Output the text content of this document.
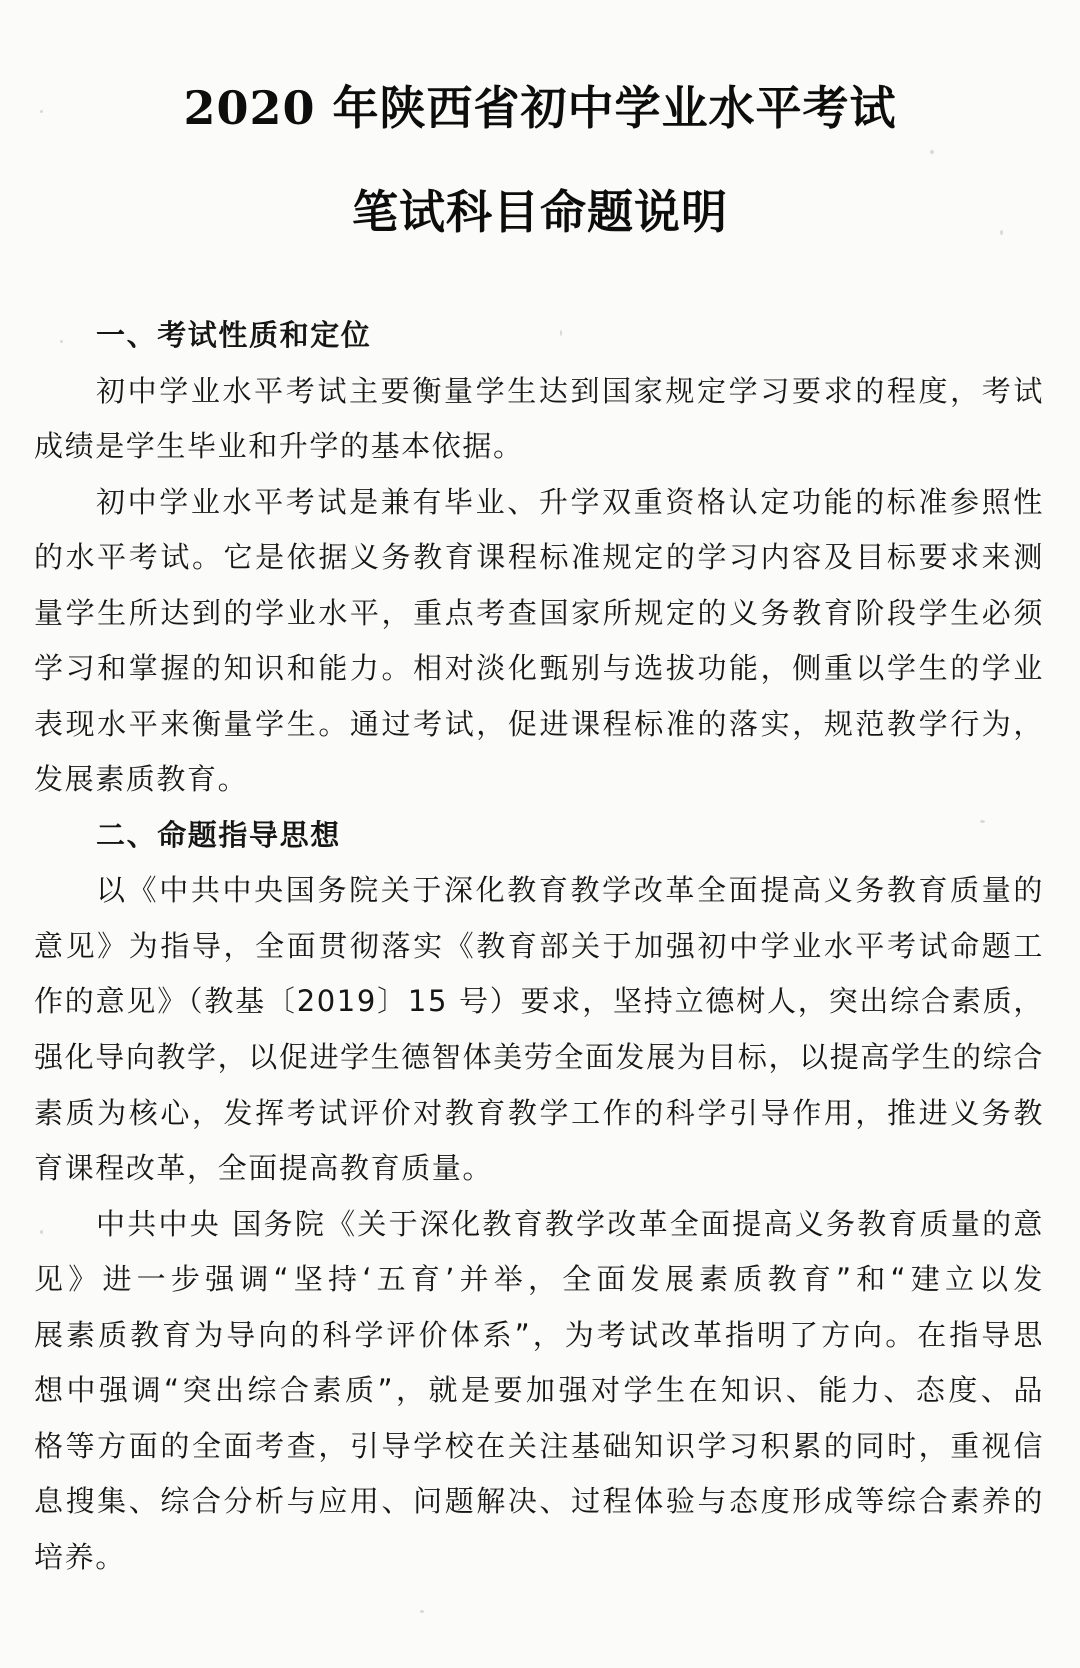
2020 年陕西省初中学业水平考试
笔试科目命题说明
一、考试性质和定位
初中学业水平考试主要衡量学生达到国家规定学习要求的程度，考试
成绩是学生毕业和升学的基本依据。
初中学业水平考试是兼有毕业、升学双重资格认定功能的标准参照性
的水平考试。它是依据义务教育课程标准规定的学习内容及目标要求来测
量学生所达到的学业水平，重点考查国家所规定的义务教育阶段学生必须
学习和掌握的知识和能力。相对淡化甄别与选拔功能，侧重以学生的学业
表现水平来衡量学生。通过考试，促进课程标准的落实，规范教学行为，
发展素质教育。
二、命题指导思想
以《中共中央国务院关于深化教育教学改革全面提高义务教育质量的
意见》为指导，全面贯彻落实《教育部关于加强初中学业水平考试命题工
作的意见》（教基〔2019〕15 号）要求，坚持立德树人，突出综合素质，
强化导向教学，以促进学生德智体美劳全面发展为目标，以提高学生的综合
素质为核心，发挥考试评价对教育教学工作的科学引导作用，推进义务教
育课程改革，全面提高教育质量。
中共中央 国务院《关于深化教育教学改革全面提高义务教育质量的意
见》进一步强调“坚持‘五育’并举，全面发展素质教育”和“建立以发
展素质教育为导向的科学评价体系”，为考试改革指明了方向。在指导思
想中强调“突出综合素质”，就是要加强对学生在知识、能力、态度、品
格等方面的全面考查，引导学校在关注基础知识学习积累的同时，重视信
息搜集、综合分析与应用、问题解决、过程体验与态度形成等综合素养的
培养。
